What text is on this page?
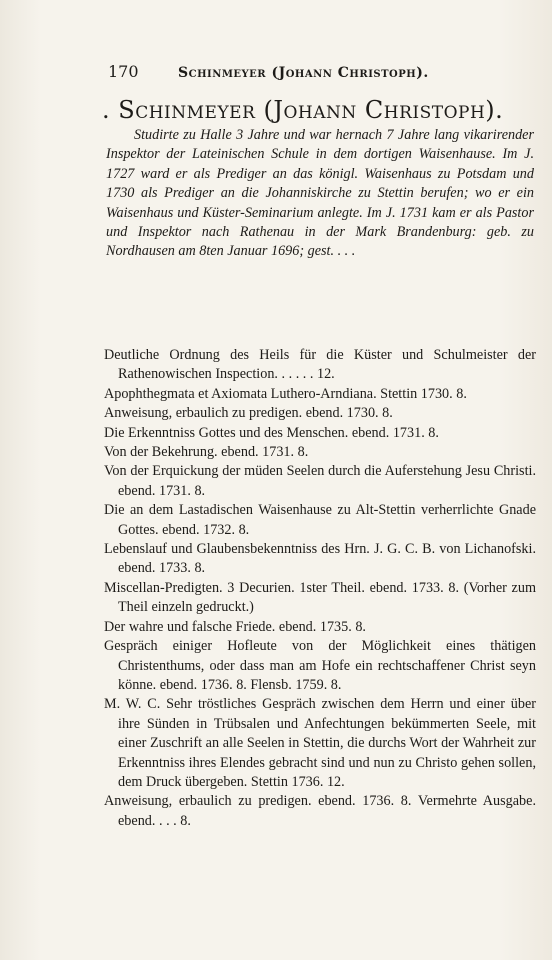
170	Schinmeyer (Johann Christoph).
. Schinmeyer (Johann Christoph).

Studirte zu Halle 3 Jahre und war hernach 7 Jahre lang vikarirender Inspektor der Lateinischen Schule in dem dortigen Waisenhause. Im J. 1727 ward er als Prediger an das königl. Waisenhaus zu Potsdam und 1730 als Prediger an die Johanniskirche zu Stettin berufen; wo er ein Waisenhaus und Küster-Seminarium anlegte. Im J. 1731 kam er als Pastor und Inspektor nach Rathenau in der Mark Brandenburg: geb. zu Nordhausen am 8ten Januar 1696; gest. . . .

Deutliche Ordnung des Heils für die Küster und Schulmeister der Rathenowischen Inspection. . . . . . 12.
Apophthegmata et Axiomata Luthero-Arndiana. Stettin 1730. 8.
Anweisung, erbaulich zu predigen. ebend. 1730. 8.
Die Erkenntniss Gottes und des Menschen. ebend. 1731. 8.
Von der Bekehrung. ebend. 1731. 8.
Von der Erquickung der müden Seelen durch die Auferstehung Jesu Christi. ebend. 1731. 8.
Die an dem Lastadischen Waisenhause zu Alt-Stettin verherrlichte Gnade Gottes. ebend. 1732. 8.
Lebenslauf und Glaubensbekenntniss des Hrn. J. G. C. B. von Lichanofski. ebend. 1733. 8.
Miscellan-Predigten. 3 Decurien. 1ster Theil. ebend. 1733. 8. (Vorher zum Theil einzeln gedruckt.)
Der wahre und falsche Friede. ebend. 1735. 8.
Gespräch einiger Hofleute von der Möglichkeit eines thätigen Christenthums, oder dass man am Hofe ein rechtschaffener Christ seyn könne. ebend. 1736. 8. Flensb. 1759. 8.
M. W. C. Sehr tröstliches Gespräch zwischen dem Herrn und einer über ihre Sünden in Trübsalen und Anfechtungen bekümmerten Seele, mit einer Zuschrift an alle Seelen in Stettin, die durchs Wort der Wahrheit zur Erkenntniss ihres Elendes gebracht sind und nun zu Christo gehen sollen, dem Druck übergeben. Stettin 1736. 12.
Anweisung, erbaulich zu predigen. ebend. 1736. 8. Vermehrte Ausgabe. ebend. . . . 8.
